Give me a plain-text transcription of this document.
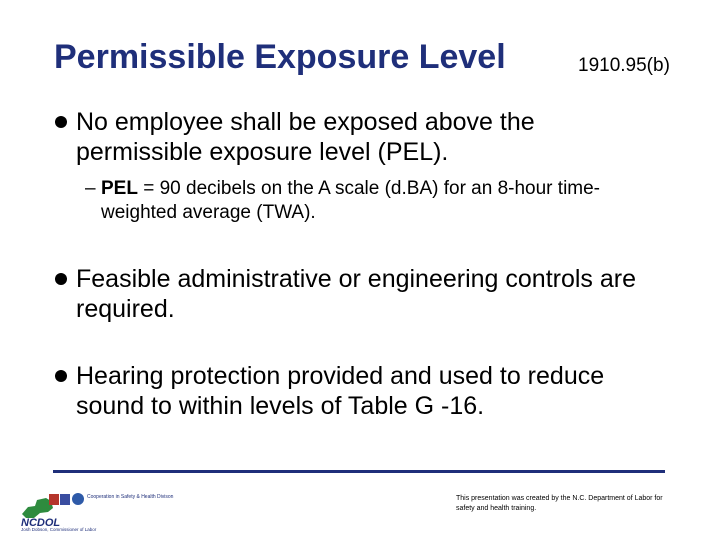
Permissible Exposure Level	1910.95(b)
No employee shall be exposed above the permissible exposure level (PEL).
– PEL = 90 decibels on the A scale (d.BA) for an 8-hour time-weighted average (TWA).
Feasible administrative or engineering controls are required.
Hearing protection provided and used to reduce sound to within levels of Table G -16.
NCDOL
Cooperation in Safety & Health Divison
Josh Dobson, Commissioner of Labor
This presentation was created by the N.C. Department of Labor for safety and health training.
